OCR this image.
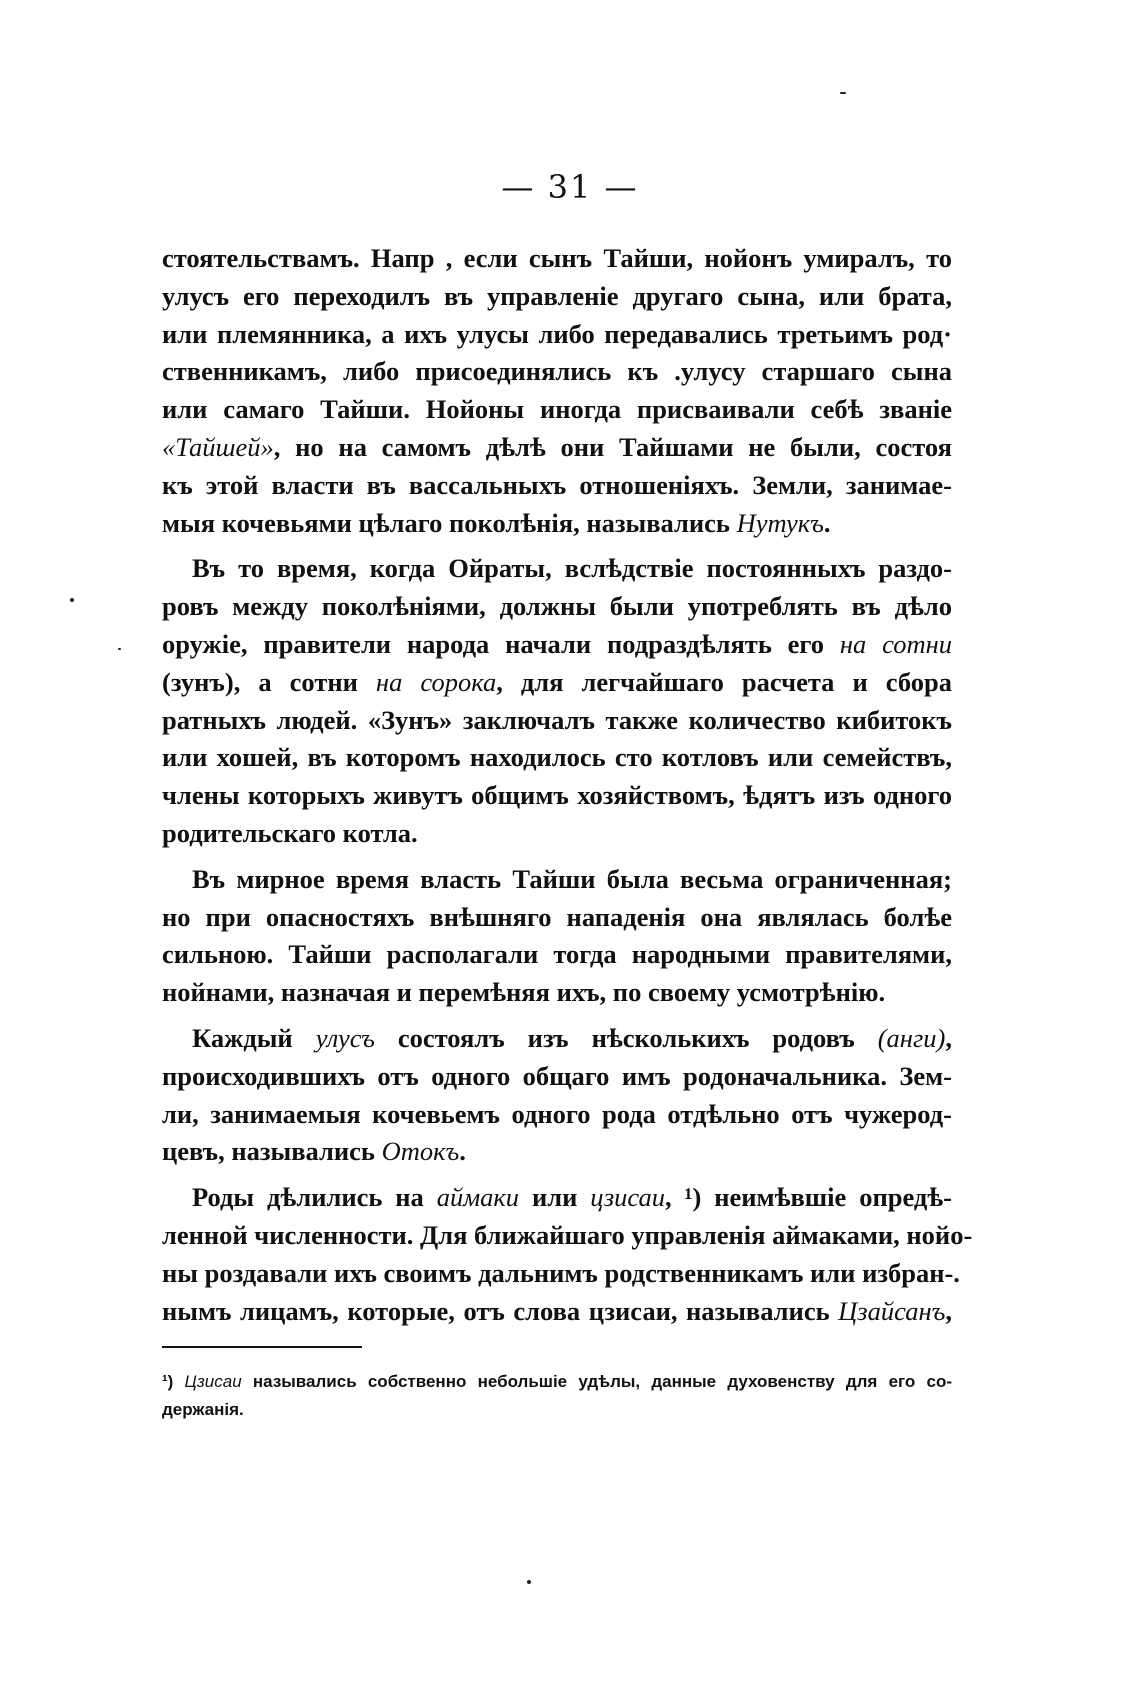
— 31 —
стоятельствамъ. Напр , если сынъ Тайши, нойонъ умиралъ, то
улусъ его переходилъ въ управленіе другаго сына, или брата,
или племянника, а ихъ улусы либо передавались третьимъ род·
ственникамъ, либо присоединялись къ .улусу старшаго сына
или самаго Тайши. Нойоны иногда присваивали себѣ званіе
«Тайшей», но на самомъ дѣлѣ они Тайшами не были, состоя
къ этой власти въ вассальныхъ отношеніяхъ. Земли, занимае-
мыя кочевьями цѣлаго поколѣнія, назывались Нутукъ.
Въ то время, когда Ойраты, вслѣдствіе постоянныхъ раздо-
ровъ между поколѣніями, должны были употреблять въ дѣло
оружіе, правители народа начали подраздѣлять его на сотни
(зунъ), а сотни на сорока, для легчайшаго расчета и сбора
ратныхъ людей. «Зунъ» заключалъ также количество кибитокъ
или хошей, въ которомъ находилось сто котловъ или семействъ,
члены которыхъ живутъ общимъ хозяйствомъ, ѣдятъ изъ одного
родительскаго котла.
Въ мирное время власть Тайши была весьма ограниченная;
но при опасностяхъ внѣшняго нападенія она являлась болѣе
сильною. Тайши располагали тогда народными правителями,
нойнами, назначая и перемѣняя ихъ, по своему усмотрѣнію.
Каждый улусъ состоялъ изъ нѣсколькихъ родовъ (анги),
происходившихъ отъ одного общаго имъ родоначальника. Зем-
ли, занимаемыя кочевьемъ одного рода отдѣльно отъ чужерод-
цевъ, назывались Отокъ.
Роды дѣлились на аймаки или цзисаи, ¹) неимѣвшіе опредѣ-
ленной численности. Для ближайшаго управленія аймаками, нойо-
ны роздавали ихъ своимъ дальнимъ родственникамъ или избран-.
нымъ лицамъ, которые, отъ слова цзисаи, назывались Цзайсанъ,
¹) Цзисаи назывались собственно небольшіе удѣлы, данные духовенству для его со-
держанія.
